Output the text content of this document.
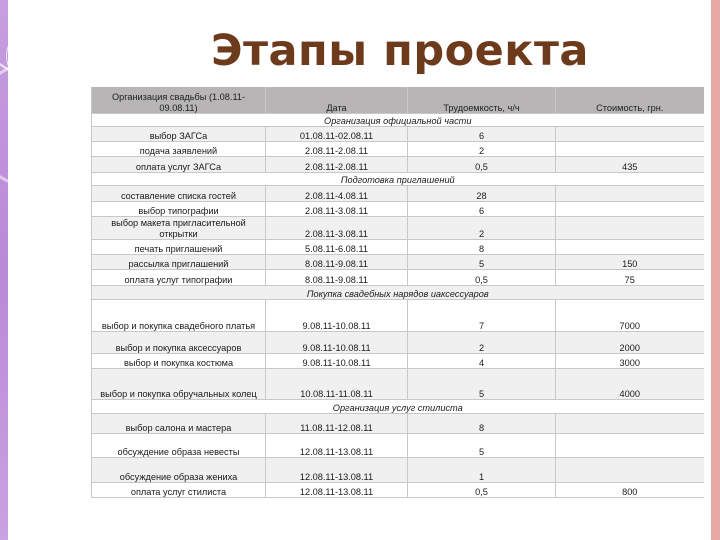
Этапы проекта
Организация свадьбы (1.08.11-09.08.11)	Дата	Трудоемкость, ч/ч	Стоимость, грн.
Организация официальной части			
выбор ЗАГСа	01.08.11-02.08.11	6	
подача заявлений	2.08.11-2.08.11	2	
оплата услуг ЗАГСа	2.08.11-2.08.11	0,5	435
Подготовка приглашений			
составление списка гостей	2.08.11-4.08.11	28	
выбор типографии	2.08.11-3.08.11	6	
выбор макета пригласительной открытки	2.08.11-3.08.11	2	
печать приглашений	5.08.11-6.08.11	8	
рассылка приглашений	8.08.11-9.08.11	5	150
оплата услуг типографии	8.08.11-9.08.11	0,5	75
Покупка свадебных нарядов иаксессуаров			
выбор и покупка свадебного платья	9.08.11-10.08.11	7	7000
выбор и покупка аксессуаров	9.08.11-10.08.11	2	2000
выбор и покупка костюма	9.08.11-10.08.11	4	3000
выбор и покупка обручальных колец	10.08.11-11.08.11	5	4000
Организация услуг стилиста			
выбор салона и мастера	11.08.11-12.08.11	8	
обсуждение образа невесты	12.08.11-13.08.11	5	
обсуждение образа жениха	12.08.11-13.08.11	1	
оплата услуг стилиста	12.08.11-13.08.11	0,5	800
